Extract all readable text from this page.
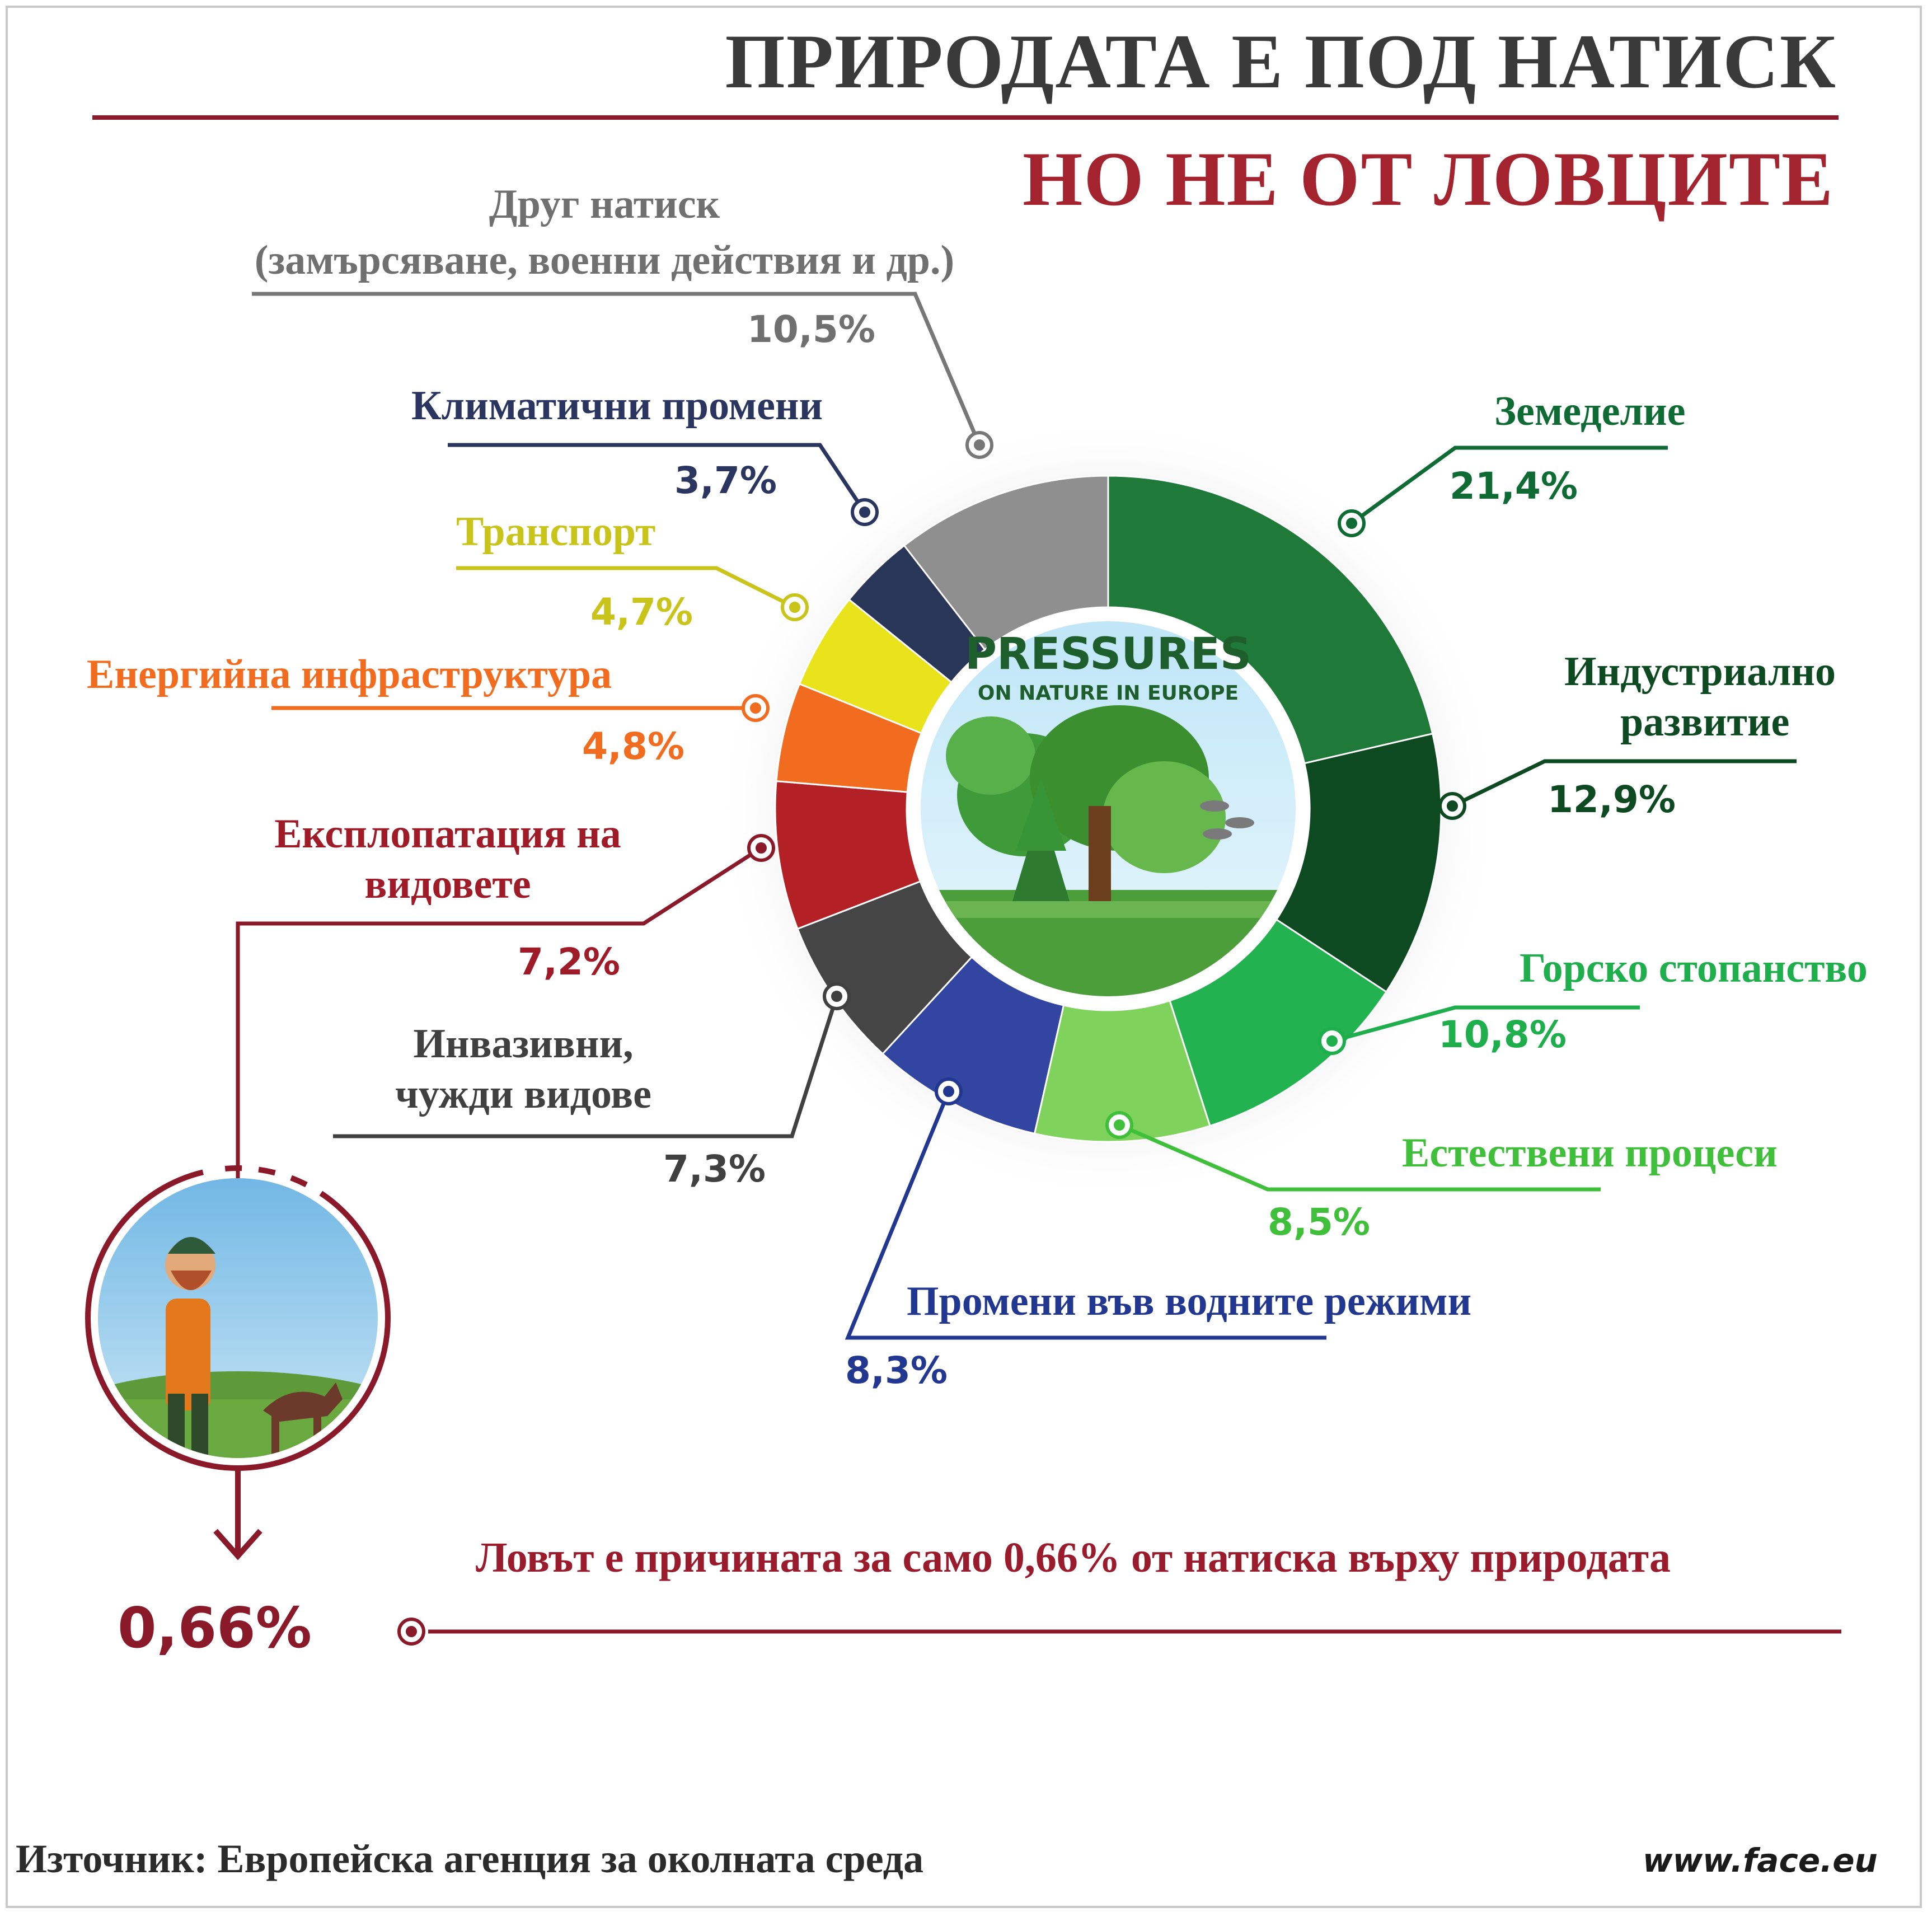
ПРИРОДАТА Е ПОД НАТИСК
НО НЕ ОТ ЛОВЦИТЕ
PRESSURES
ON NATURE IN EUROPE
Земеделие
21,4%
Индустриално
развитие
12,9%
Горско стопанство
10,8%
Естествени процеси
8,5%
Промени във водните режими
8,3%
Инвазивни,
чужди видове
7,3%
Експлопатация на
видовете
7,2%
Енергийна инфраструктура
4,8%
Транспорт
4,7%
Климатични промени
3,7%
Друг натиск
(замърсяване, военни действия и др.)
10,5%
0,66%
Ловът е причината за само 0,66% от натиска върху природата
Източник: Европейска агенция за околната среда	www.face.eu
